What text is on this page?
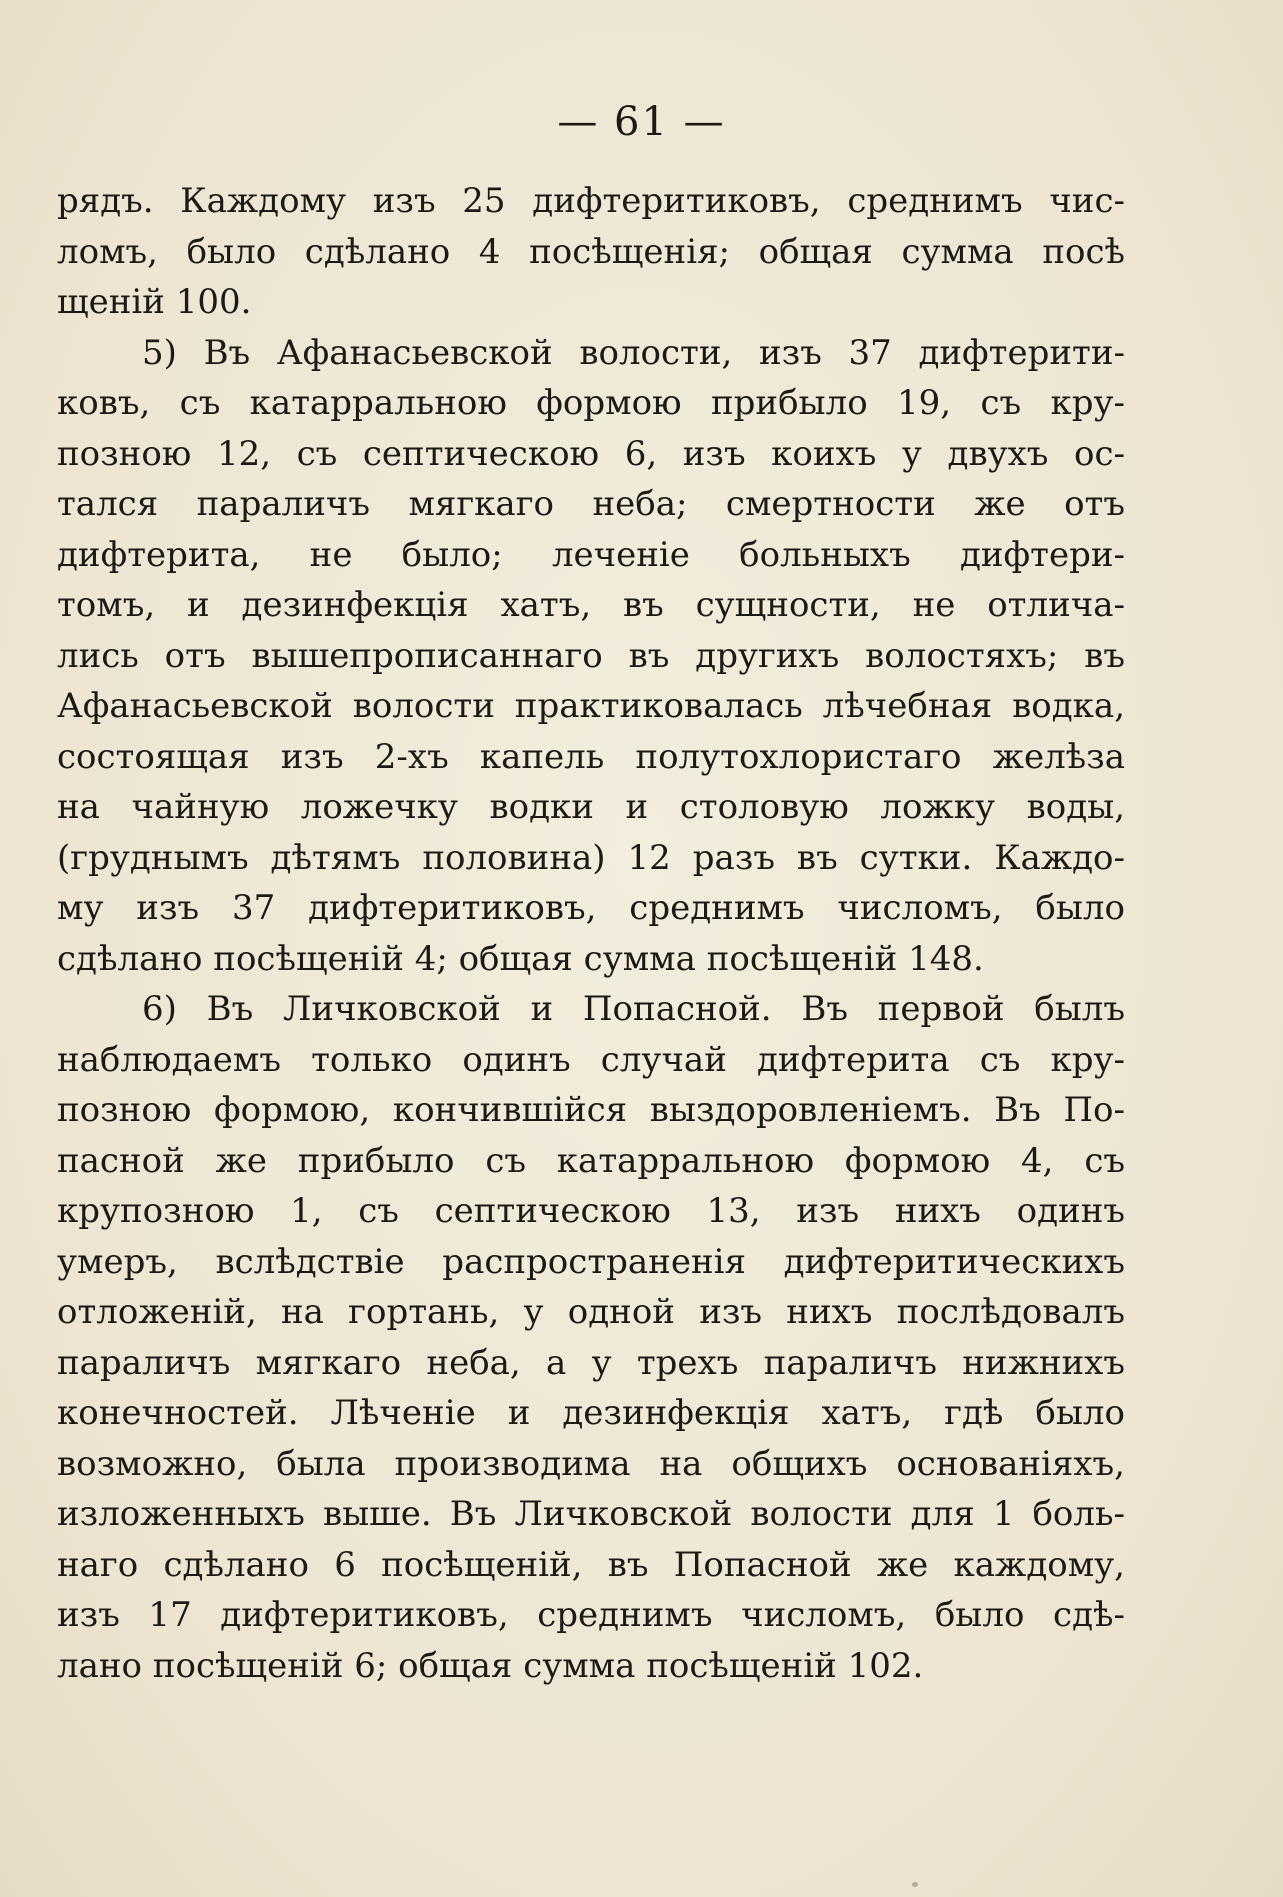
— 61 —
рядъ. Каждому изъ 25 дифтеритиковъ, среднимъ чис-
ломъ, было сдѣлано 4 посѣщенія; общая сумма посѣ
щеній 100.
5) Въ Афанасьевской волости, изъ 37 дифтерити-
ковъ, съ катарральною формою прибыло 19, съ кру-
позною 12, съ септическою 6, изъ коихъ у двухъ ос-
тался параличъ мягкаго неба; смертности же отъ
дифтерита, не было; леченіе больныхъ дифтери-
томъ, и дезинфекція хатъ, въ сущности, не отлича-
лись отъ вышепрописаннаго въ другихъ волостяхъ; въ
Афанасьевской волости практиковалась лѣчебная водка,
состоящая изъ 2-хъ капель полутохлористаго желѣза
на чайную ложечку водки и столовую ложку воды,
(груднымъ дѣтямъ половина) 12 разъ въ сутки. Каждо-
му изъ 37 дифтеритиковъ, среднимъ числомъ, было
сдѣлано посѣщеній 4; общая сумма посѣщеній 148.
6) Въ Личковской и Попасной. Въ первой былъ
наблюдаемъ только одинъ случай дифтерита съ кру-
позною формою, кончившійся выздоровленіемъ. Въ По-
пасной же прибыло съ катарральною формою 4, съ
крупозною 1, съ септическою 13, изъ нихъ одинъ
умеръ, вслѣдствіе распространенія дифтеритическихъ
отложеній, на гортань, у одной изъ нихъ послѣдовалъ
параличъ мягкаго неба, а у трехъ параличъ нижнихъ
конечностей. Лѣченіе и дезинфекція хатъ, гдѣ было
возможно, была производима на общихъ основаніяхъ,
изложенныхъ выше. Въ Личковской волости для 1 боль-
наго сдѣлано 6 посѣщеній, въ Попасной же каждому,
изъ 17 дифтеритиковъ, среднимъ числомъ, было сдѣ-
лано посѣщеній 6; общая сумма посѣщеній 102.
